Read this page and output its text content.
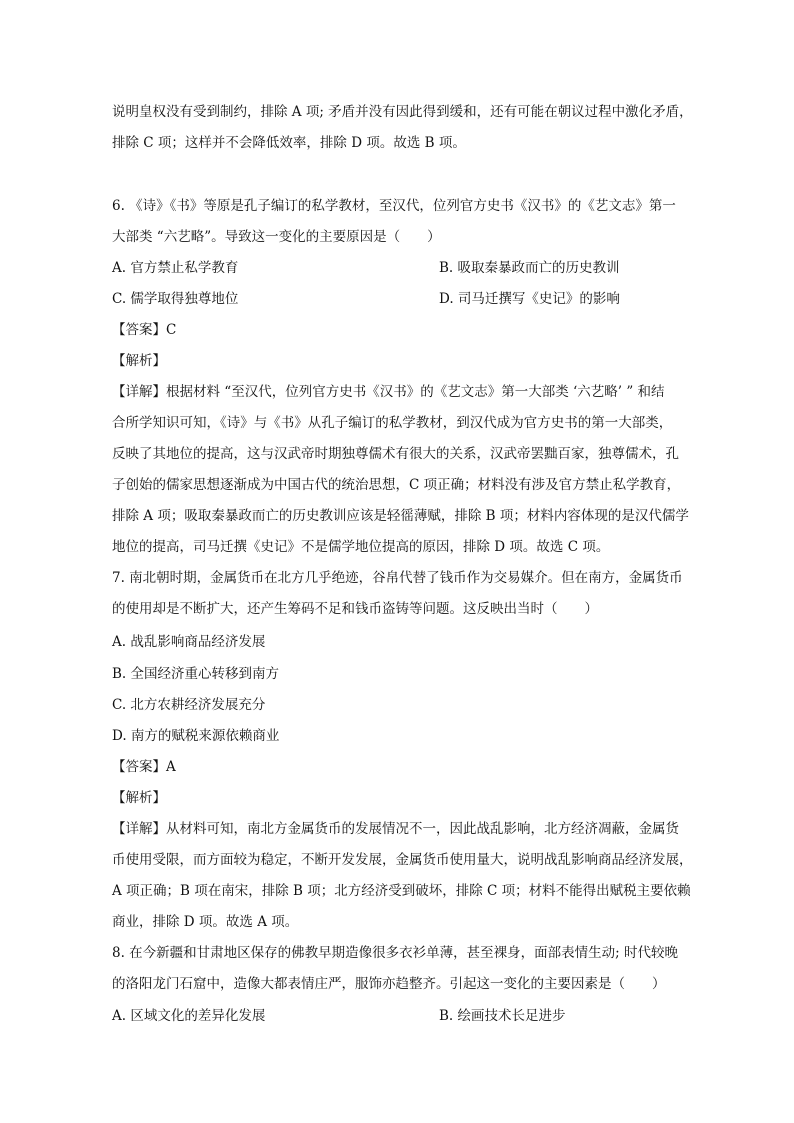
说明皇权没有受到制约，排除 A 项; 矛盾并没有因此得到缓和，还有可能在朝议过程中激化矛盾，
排除 C 项；这样并不会降低效率，排除 D 项。故选 B 项。
6. 《诗》《书》等原是孔子编订的私学教材，至汉代，位列官方史书《汉书》的《艺文志》第一
大部类 “六艺略”。导致这一变化的主要原因是（　　）
A. 官方禁止私学教育	B. 吸取秦暴政而亡的历史教训
C. 儒学取得独尊地位	D. 司马迁撰写《史记》的影响
【答案】C
【解析】
【详解】根据材料 “至汉代，位列官方史书《汉书》的《艺文志》第一大部类 ‘六艺略’ ” 和结
合所学知识可知，《诗》与《书》从孔子编订的私学教材，到汉代成为官方史书的第一大部类，
反映了其地位的提高，这与汉武帝时期独尊儒术有很大的关系，汉武帝罢黜百家，独尊儒术，孔
子创始的儒家思想逐渐成为中国古代的统治思想，C 项正确；材料没有涉及官方禁止私学教育，
排除 A 项；吸取秦暴政而亡的历史教训应该是轻徭薄赋，排除 B 项；材料内容体现的是汉代儒学
地位的提高，司马迁撰《史记》不是儒学地位提高的原因，排除 D 项。故选 C 项。
7. 南北朝时期，金属货币在北方几乎绝迹，谷帛代替了钱币作为交易媒介。但在南方，金属货币
的使用却是不断扩大，还产生筹码不足和钱币盗铸等问题。这反映出当时（　　）
A. 战乱影响商品经济发展
B. 全国经济重心转移到南方
C. 北方农耕经济发展充分
D. 南方的赋税来源依赖商业
【答案】A
【解析】
【详解】从材料可知，南北方金属货币的发展情况不一，因此战乱影响，北方经济凋蔽，金属货
币使用受限，而方面较为稳定，不断开发发展，金属货币使用量大，说明战乱影响商品经济发展，
A 项正确；B 项在南宋，排除 B 项；北方经济受到破坏，排除 C 项；材料不能得出赋税主要依赖
商业，排除 D 项。故选 A 项。
8. 在今新疆和甘肃地区保存的佛教早期造像很多衣衫单薄，甚至裸身，面部表情生动; 时代较晚
的洛阳龙门石窟中，造像大都表情庄严，服饰亦趋整齐。引起这一变化的主要因素是（　　）
A. 区域文化的差异化发展	B. 绘画技术长足进步
